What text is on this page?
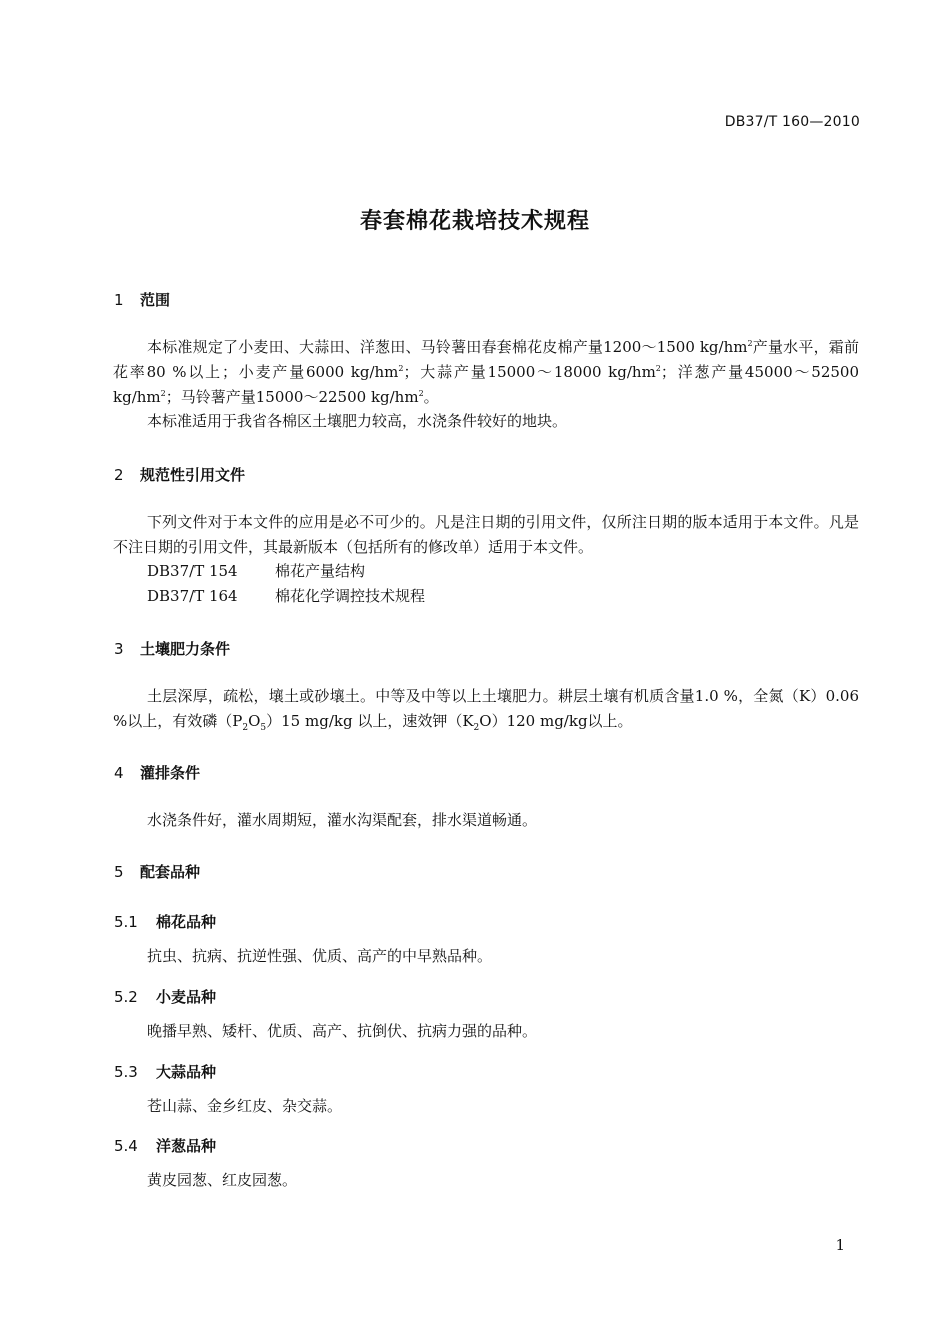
DB37/T 160—2010
春套棉花栽培技术规程
1 范围

本标准规定了小麦田、大蒜田、洋葱田、马铃薯田春套棉花皮棉产量1200～1500 $kg/hm^2$产量水平，霜前花率80 %以上；小麦产量6000 $kg/hm^2$；大蒜产量15000～18000 $kg/hm^2$；洋葱产量45000～52500 $kg/hm^2$；马铃薯产量15000～22500 $kg/hm^2$。

本标准适用于我省各棉区土壤肥力较高，水浇条件较好的地块。

2 规范性引用文件

下列文件对于本文件的应用是必不可少的。凡是注日期的引用文件，仅所注日期的版本适用于本文件。凡是不注日期的引用文件，其最新版本（包括所有的修改单）适用于本文件。

DB37/T 154 棉花产量结构
DB37/T 164 棉花化学调控技术规程
3 土壤肥力条件

土层深厚，疏松，壤土或砂壤土。中等及中等以上土壤肥力。耕层土壤有机质含量1.0 %，全氮（K）0.06 %以上，有效磷$(P_2O_5)15$ mg/kg 以上，速效钾$(K_2O)120$ mg/kg以上。

4 灌排条件

水浇条件好，灌水周期短，灌水沟渠配套，排水渠道畅通。

5 配套品种
5.1 棉花品种

抗虫、抗病、抗逆性强、优质、高产的中早熟品种。

5.2 小麦品种

晚播早熟、矮杆、优质、高产、抗倒伏、抗病力强的品种。

5.3 大蒜品种

苍山蒜、金乡红皮、杂交蒜。

5.4 洋葱品种

黄皮园葱、红皮园葱。

1
